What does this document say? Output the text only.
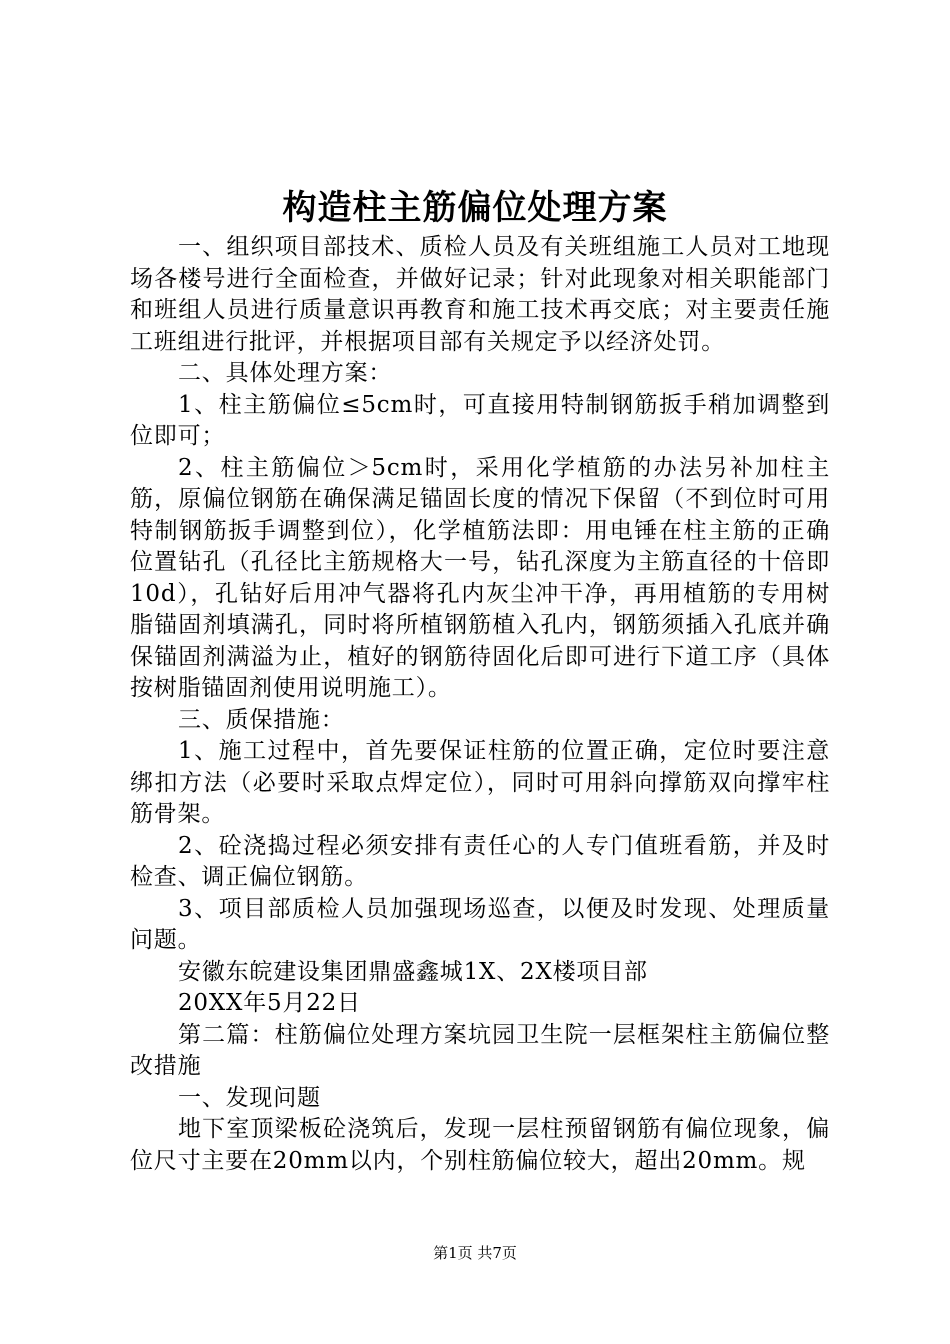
构造柱主筋偏位处理方案

一、组织项目部技术、质检人员及有关班组施工人员对工地现场各楼号进行全面检查，并做好记录；针对此现象对相关职能部门和班组人员进行质量意识再教育和施工技术再交底；对主要责任施工班组进行批评，并根据项目部有关规定予以经济处罚。

二、具体处理方案：

1、柱主筋偏位≤5cm时，可直接用特制钢筋扳手稍加调整到位即可；

2、柱主筋偏位＞5cm时，采用化学植筋的办法另补加柱主筋，原偏位钢筋在确保满足锚固长度的情况下保留（不到位时可用特制钢筋扳手调整到位），化学植筋法即：用电锤在柱主筋的正确位置钻孔（孔径比主筋规格大一号，钻孔深度为主筋直径的十倍即10d），孔钻好后用冲气器将孔内灰尘冲干净，再用植筋的专用树脂锚固剂填满孔，同时将所植钢筋植入孔内，钢筋须插入孔底并确保锚固剂满溢为止，植好的钢筋待固化后即可进行下道工序（具体按树脂锚固剂使用说明施工）。

三、质保措施：

1、施工过程中，首先要保证柱筋的位置正确，定位时要注意绑扣方法（必要时采取点焊定位），同时可用斜向撑筋双向撑牢柱筋骨架。

2、砼浇捣过程必须安排有责任心的人专门值班看筋，并及时检查、调正偏位钢筋。

3、项目部质检人员加强现场巡查，以便及时发现、处理质量问题。

安徽东皖建设集团鼎盛鑫城1X、2X楼项目部

20XX年5月22日

第二篇：柱筋偏位处理方案坑园卫生院一层框架柱主筋偏位整改措施

一、发现问题

地下室顶梁板砼浇筑后，发现一层柱预留钢筋有偏位现象，偏位尺寸主要在20mm以内，个别柱筋偏位较大，超出20mm。规

第1页 共7页
